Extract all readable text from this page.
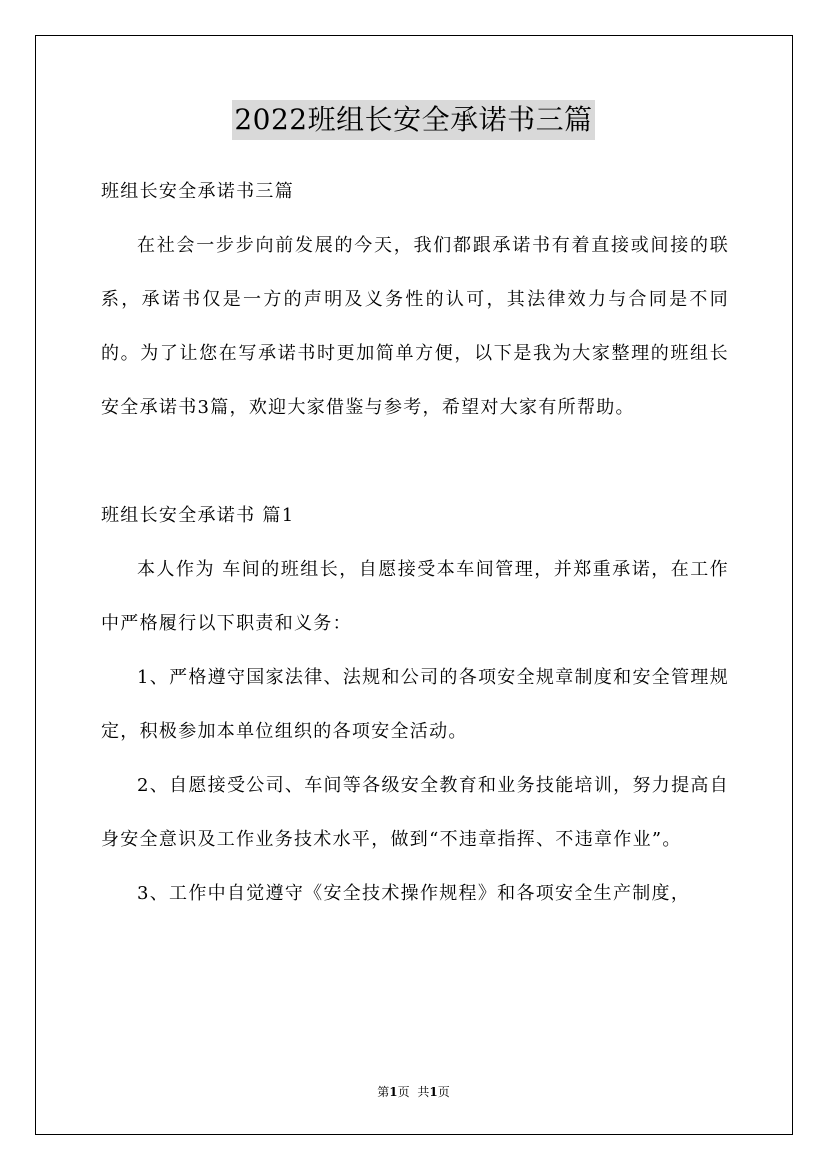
2022班组长安全承诺书三篇

班组长安全承诺书三篇

在社会一步步向前发展的今天，我们都跟承诺书有着直接或间接的联系，承诺书仅是一方的声明及义务性的认可，其法律效力与合同是不同的。为了让您在写承诺书时更加简单方便，以下是我为大家整理的班组长安全承诺书3篇，欢迎大家借鉴与参考，希望对大家有所帮助。

班组长安全承诺书 篇1

本人作为 车间的班组长，自愿接受本车间管理，并郑重承诺，在工作中严格履行以下职责和义务：

1、严格遵守国家法律、法规和公司的各项安全规章制度和安全管理规定，积极参加本单位组织的各项安全活动。

2、自愿接受公司、车间等各级安全教育和业务技能培训，努力提高自身安全意识及工作业务技术水平，做到“不违章指挥、不违章作业”。

3、工作中自觉遵守《安全技术操作规程》和各项安全生产制度，

第1页 共1页
